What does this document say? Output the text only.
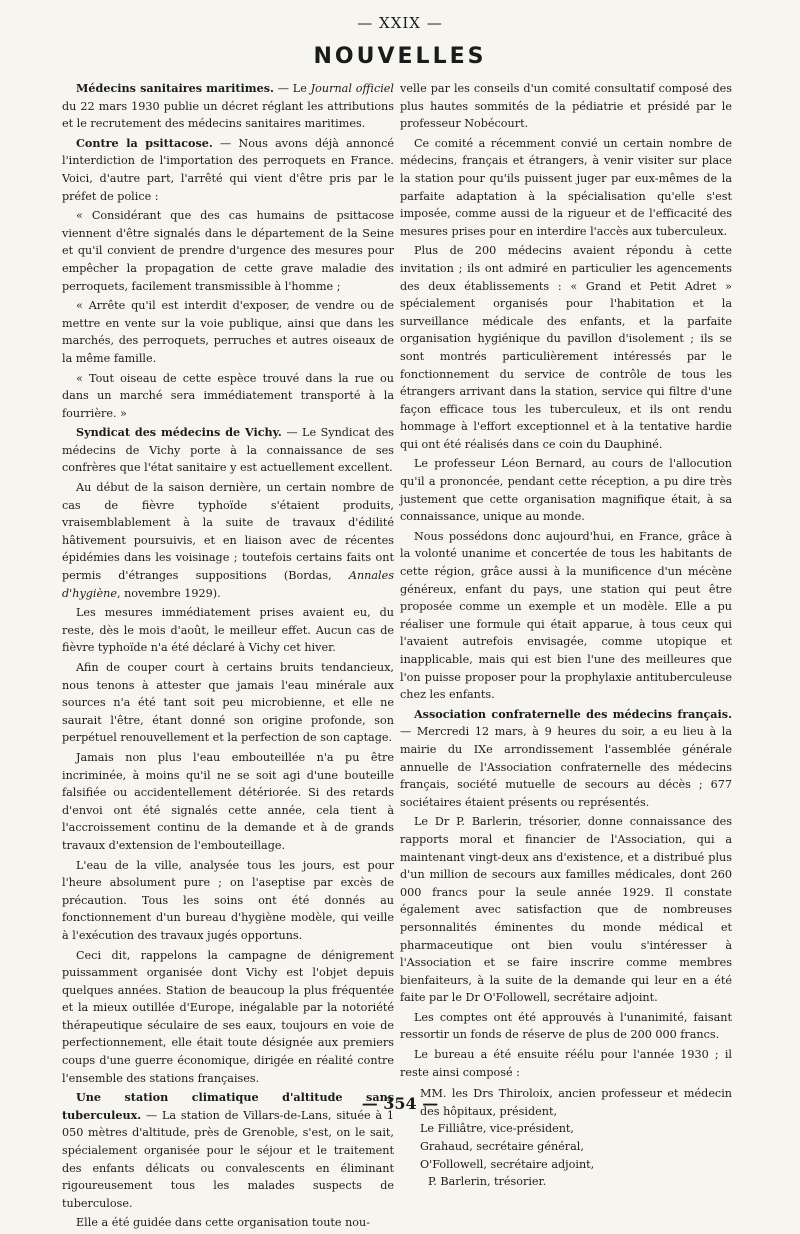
— XXIX —
NOUVELLES

Médecins sanitaires maritimes. — Le Journal officiel du 22 mars 1930 publie un décret réglant les attributions et le recrutement des médecins sanitaires maritimes.

Contre la psittacose. — Nous avons déjà annoncé l'interdiction de l'importation des perroquets en France. Voici, d'autre part, l'arrêté qui vient d'être pris par le préfet de police :

« Considérant que des cas humains de psittacose viennent d'être signalés dans le département de la Seine et qu'il convient de prendre d'urgence des mesures pour empêcher la propagation de cette grave maladie des perroquets, facilement transmissible à l'homme ;

« Arrête qu'il est interdit d'exposer, de vendre ou de mettre en vente sur la voie publique, ainsi que dans les marchés, des perroquets, perruches et autres oiseaux de la même famille.

« Tout oiseau de cette espèce trouvé dans la rue ou dans un marché sera immédiatement transporté à la fourrière. »

Syndicat des médecins de Vichy. — Le Syndicat des médecins de Vichy porte à la connaissance de ses confrères que l'état sanitaire y est actuellement excellent.

Au début de la saison dernière, un certain nombre de cas de fièvre typhoïde s'étaient produits, vraisemblablement à la suite de travaux d'édilité hâtivement poursuivis, et en liaison avec de récentes épidémies dans les voisinage ; toutefois certains faits ont permis d'étranges suppositions (Bordas, Annales d'hygiène, novembre 1929).

Les mesures immédiatement prises avaient eu, du reste, dès le mois d'août, le meilleur effet. Aucun cas de fièvre typhoïde n'a été déclaré à Vichy cet hiver.

Afin de couper court à certains bruits tendancieux, nous tenons à attester que jamais l'eau minérale aux sources n'a été tant soit peu microbienne, et elle ne saurait l'être, étant donné son origine profonde, son perpétuel renouvellement et la perfection de son captage.

Jamais non plus l'eau embouteillée n'a pu être incriminée, à moins qu'il ne se soit agi d'une bouteille falsifiée ou accidentellement détériorée. Si des retards d'envoi ont été signalés cette année, cela tient à l'accroissement continu de la demande et à de grands travaux d'extension de l'embouteillage.

L'eau de la ville, analysée tous les jours, est pour l'heure absolument pure ; on l'aseptise par excès de précaution. Tous les soins ont été donnés au fonctionnement d'un bureau d'hygiène modèle, qui veille à l'exécution des travaux jugés opportuns.

Ceci dit, rappelons la campagne de dénigrement puissamment organisée dont Vichy est l'objet depuis quelques années. Station de beaucoup la plus fréquentée et la mieux outillée d'Europe, inégalable par la notoriété thérapeutique séculaire de ses eaux, toujours en voie de perfectionnement, elle était toute désignée aux premiers coups d'une guerre économique, dirigée en réalité contre l'ensemble des stations françaises.

Une station climatique d'altitude sans tuberculeux. — La station de Villars-de-Lans, située à 1 050 mètres d'altitude, près de Grenoble, s'est, on le sait, spécialement organisée pour le séjour et le traitement des enfants délicats ou convalescents en éliminant rigoureusement tous les malades suspects de tuberculose.

Elle a été guidée dans cette organisation toute nou-

velle par les conseils d'un comité consultatif composé des plus hautes sommités de la pédiatrie et présidé par le professeur Nobécourt.

Ce comité a récemment convié un certain nombre de médecins, français et étrangers, à venir visiter sur place la station pour qu'ils puissent juger par eux-mêmes de la parfaite adaptation à la spécialisation qu'elle s'est imposée, comme aussi de la rigueur et de l'efficacité des mesures prises pour en interdire l'accès aux tuberculeux.

Plus de 200 médecins avaient répondu à cette invitation ; ils ont admiré en particulier les agencements des deux établissements : « Grand et Petit Adret » spécialement organisés pour l'habitation et la surveillance médicale des enfants, et la parfaite organisation hygiénique du pavillon d'isolement ; ils se sont montrés particulièrement intéressés par le fonctionnement du service de contrôle de tous les étrangers arrivant dans la station, service qui filtre d'une façon efficace tous les tuberculeux, et ils ont rendu hommage à l'effort exceptionnel et à la tentative hardie qui ont été réalisés dans ce coin du Dauphiné.

Le professeur Léon Bernard, au cours de l'allocution qu'il a prononcée, pendant cette réception, a pu dire très justement que cette organisation magnifique était, à sa connaissance, unique au monde.

Nous possédons donc aujourd'hui, en France, grâce à la volonté unanime et concertée de tous les habitants de cette région, grâce aussi à la munificence d'un mécène généreux, enfant du pays, une station qui peut être proposée comme un exemple et un modèle. Elle a pu réaliser une formule qui était apparue, à tous ceux qui l'avaient autrefois envisagée, comme utopique et inapplicable, mais qui est bien l'une des meilleures que l'on puisse proposer pour la prophylaxie antituberculeuse chez les enfants.

Association confraternelle des médecins français. — Mercredi 12 mars, à 9 heures du soir, a eu lieu à la mairie du IXe arrondissement l'assemblée générale annuelle de l'Association confraternelle des médecins français, société mutuelle de secours au décès ; 677 sociétaires étaient présents ou représentés.

Le Dr P. Barlerin, trésorier, donne connaissance des rapports moral et financier de l'Association, qui a maintenant vingt-deux ans d'existence, et a distribué plus d'un million de secours aux familles médicales, dont 260 000 francs pour la seule année 1929. Il constate également avec satisfaction que de nombreuses personnalités éminentes du monde médical et pharmaceutique ont bien voulu s'intéresser à l'Association et se faire inscrire comme membres bienfaiteurs, à la suite de la demande qui leur en a été faite par le Dr O'Followell, secrétaire adjoint.

Les comptes ont été approuvés à l'unanimité, faisant ressortir un fonds de réserve de plus de 200 000 francs.

Le bureau a été ensuite réélu pour l'année 1930 ; il reste ainsi composé :

MM. les Drs Thiroloix, ancien professeur et médecin des hôpitaux, président,

Le Filliâtre, vice-président,

Grahaud, secrétaire général,

O'Followell, secrétaire adjoint,

P. Barlerin, trésorier.

— 354 —
